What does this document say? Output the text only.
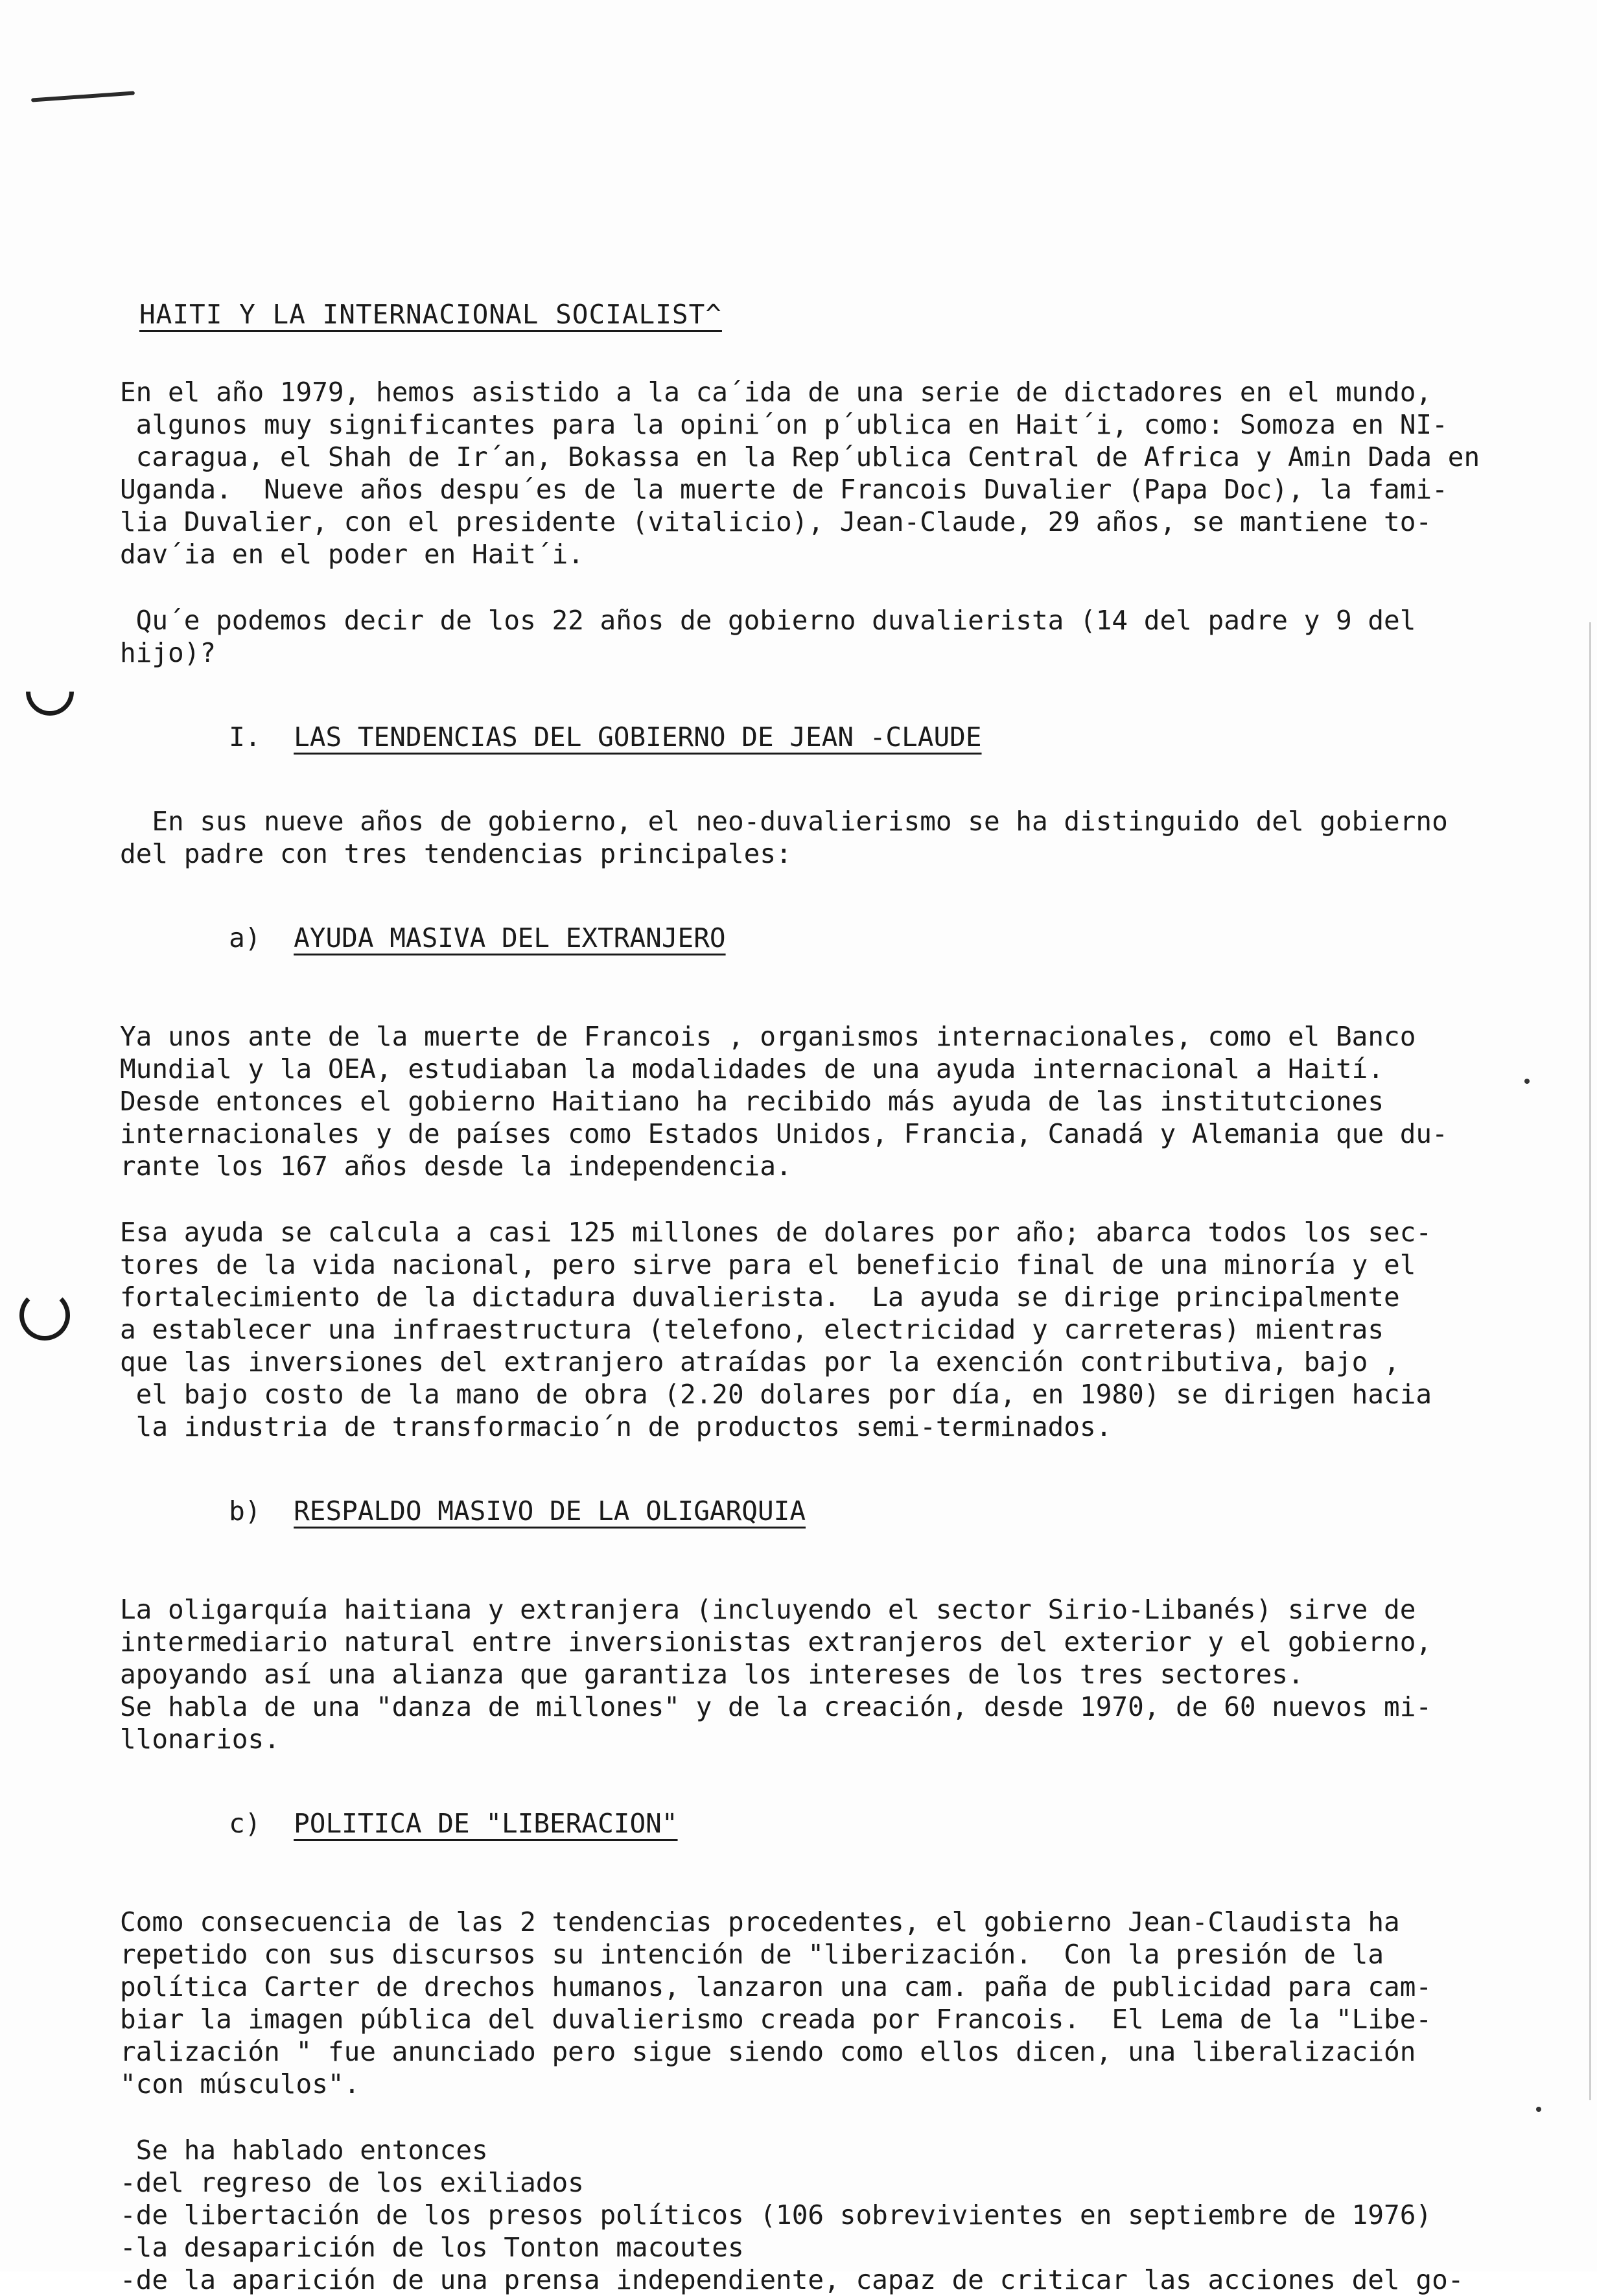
HAITI Y LA INTERNACIONAL SOCIALIST^
En el año 1979, hemos asistido a la ca´ida de una serie de dictadores en el mundo,
algunos muy significantes para la opini´on p´ublica en Hait´i, como: Somoza en NI-
caragua, el Shah de Ir´an, Bokassa en la Rep´ublica Central de Africa y Amin Dada en
Uganda.  Nueve años despu´es de la muerte de Francois Duvalier (Papa Doc), la fami-
lia Duvalier, con el presidente (vitalicio), Jean-Claude, 29 años, se mantiene to-
dav´ia en el poder en Hait´i.
Qu´e podemos decir de los 22 años de gobierno duvalierista (14 del padre y 9 del
hijo)?

I. LAS TENDENCIAS DEL GOBIERNO DE JEAN -CLAUDE

En sus nueve años de gobierno, el neo-duvalierismo se ha distinguido del gobierno
del padre con tres tendencias principales:

a) AYUDA MASIVA DEL EXTRANJERO

Ya unos ante de la muerte de Francois , organismos internacionales, como el Banco
Mundial y la OEA, estudiaban la modalidades de una ayuda internacional a Haití.
Desde entonces el gobierno Haitiano ha recibido más ayuda de las institutciones
internacionales y de países como Estados Unidos, Francia, Canadá y Alemania que du-
rante los 167 años desde la independencia.
Esa ayuda se calcula a casi 125 millones de dolares por año; abarca todos los sec-
tores de la vida nacional, pero sirve para el beneficio final de una minoría y el
fortalecimiento de la dictadura duvalierista.  La ayuda se dirige principalmente
a establecer una infraestructura (telefono, electricidad y carreteras) mientras
que las inversiones del extranjero atraídas por la exención contributiva, bajo ,
el bajo costo de la mano de obra (2.20 dolares por día, en 1980) se dirigen hacia
la industria de transformacio´n de productos semi-terminados.

b) RESPALDO MASIVO DE LA OLIGARQUIA

La oligarquía haitiana y extranjera (incluyendo el sector Sirio-Libanés) sirve de
intermediario natural entre inversionistas extranjeros del exterior y el gobierno,
apoyando así una alianza que garantiza los intereses de los tres sectores.
Se habla de una "danza de millones" y de la creación, desde 1970, de 60 nuevos mi-
llonarios.

c) POLITICA DE "LIBERACION"

Como consecuencia de las 2 tendencias procedentes, el gobierno Jean-Claudista ha
repetido con sus discursos su intención de "liberización.  Con la presión de la
política Carter de drechos humanos, lanzaron una cam. paña de publicidad para cam-
biar la imagen pública del duvalierismo creada por Francois.  El Lema de la "Libe-
ralización " fue anunciado pero sigue siendo como ellos dicen, una liberalización
"con músculos".
Se ha hablado entonces
-del regreso de los exiliados
-de libertación de los presos políticos (106 sobrevivientes en septiembre de 1976)
-la desaparición de los Tonton macoutes
-de la aparición de una prensa independiente, capaz de criticar las acciones del go-
